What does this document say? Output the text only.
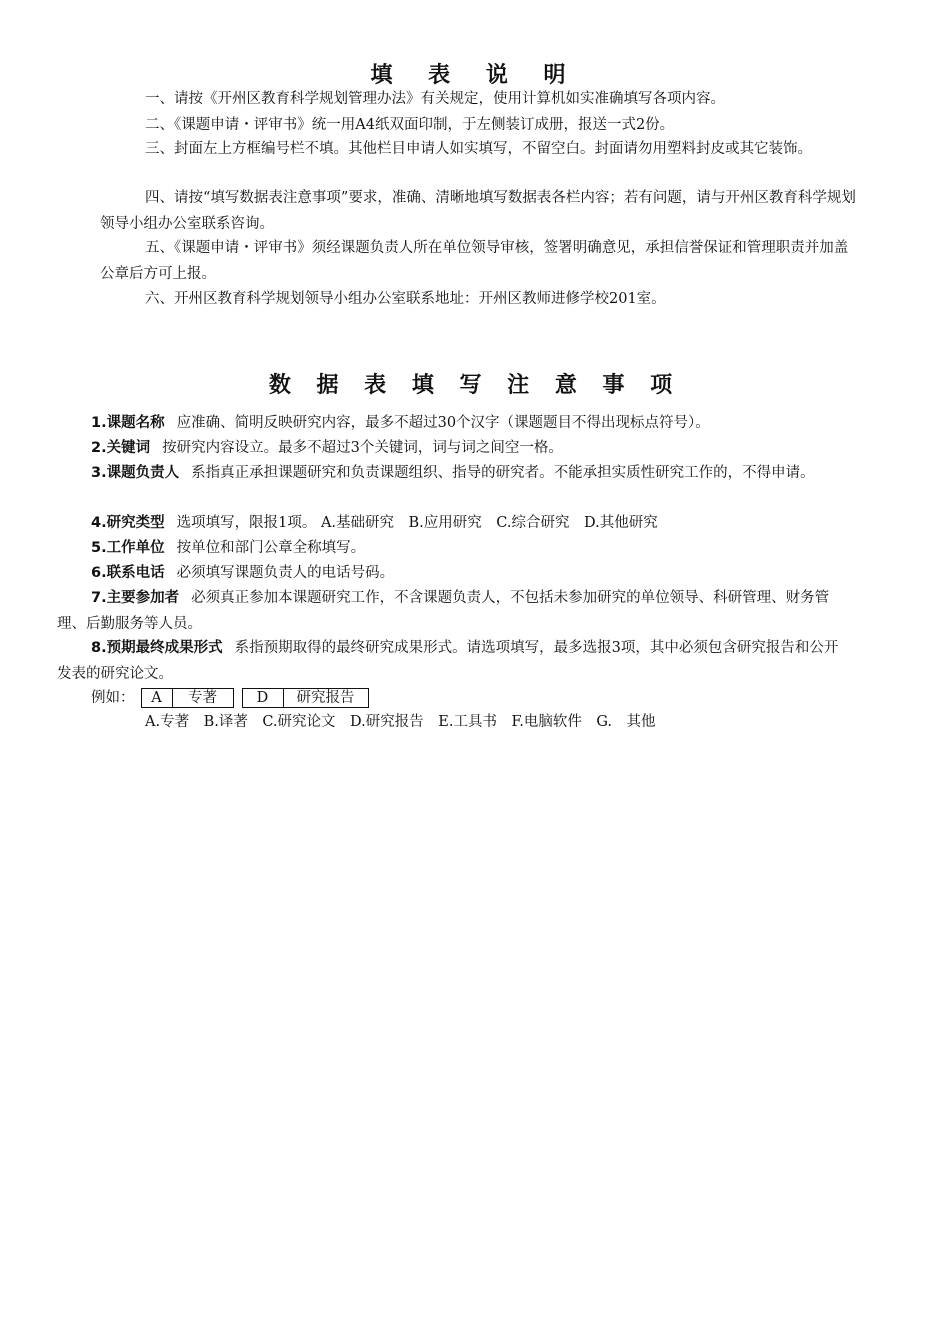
填 表 说 明
一、请按《开州区教育科学规划管理办法》有关规定，使用计算机如实准确填写各项内容。
二、《课题申请・评审书》统一用A4纸双面印制，于左侧装订成册，报送一式2份。
三、封面左上方框编号栏不填。其他栏目申请人如实填写，不留空白。封面请勿用塑料封皮或其它装饰。
四、请按“填写数据表注意事项”要求，准确、清晰地填写数据表各栏内容；若有问题，请与开州区教育科学规划领导小组办公室联系咨询。
五、《课题申请・评审书》须经课题负责人所在单位领导审核，签署明确意见，承担信誉保证和管理职责并加盖公章后方可上报。
六、开州区教育科学规划领导小组办公室联系地址：开州区教师进修学校201室。
数 据 表 填 写 注 意 事 项
1.课题名称 应准确、简明反映研究内容，最多不超过30个汉字（课题题目不得出现标点符号）。
2.关键词 按研究内容设立。最多不超过3个关键词，词与词之间空一格。
3.课题负责人 系指真正承担课题研究和负责课题组织、指导的研究者。不能承担实质性研究工作的，不得申请。
4.研究类型 选项填写，限报1项。 A.基础研究　B.应用研究　C.综合研究　D.其他研究
5.工作单位 按单位和部门公章全称填写。
6.联系电话 必须填写课题负责人的电话号码。
7.主要参加者 必须真正参加本课题研究工作，不含课题负责人，不包括未参加研究的单位领导、科研管理、财务管理、后勤服务等人员。
8.预期最终成果形式 系指预期取得的最终研究成果形式。请选项填写，最多选报3项，其中必须包含研究报告和公开发表的研究论文。
例如：	A	专著	D	研究报告
A.专著　B.译著　C.研究论文　D.研究报告　E.工具书　F.电脑软件　G.　其他
